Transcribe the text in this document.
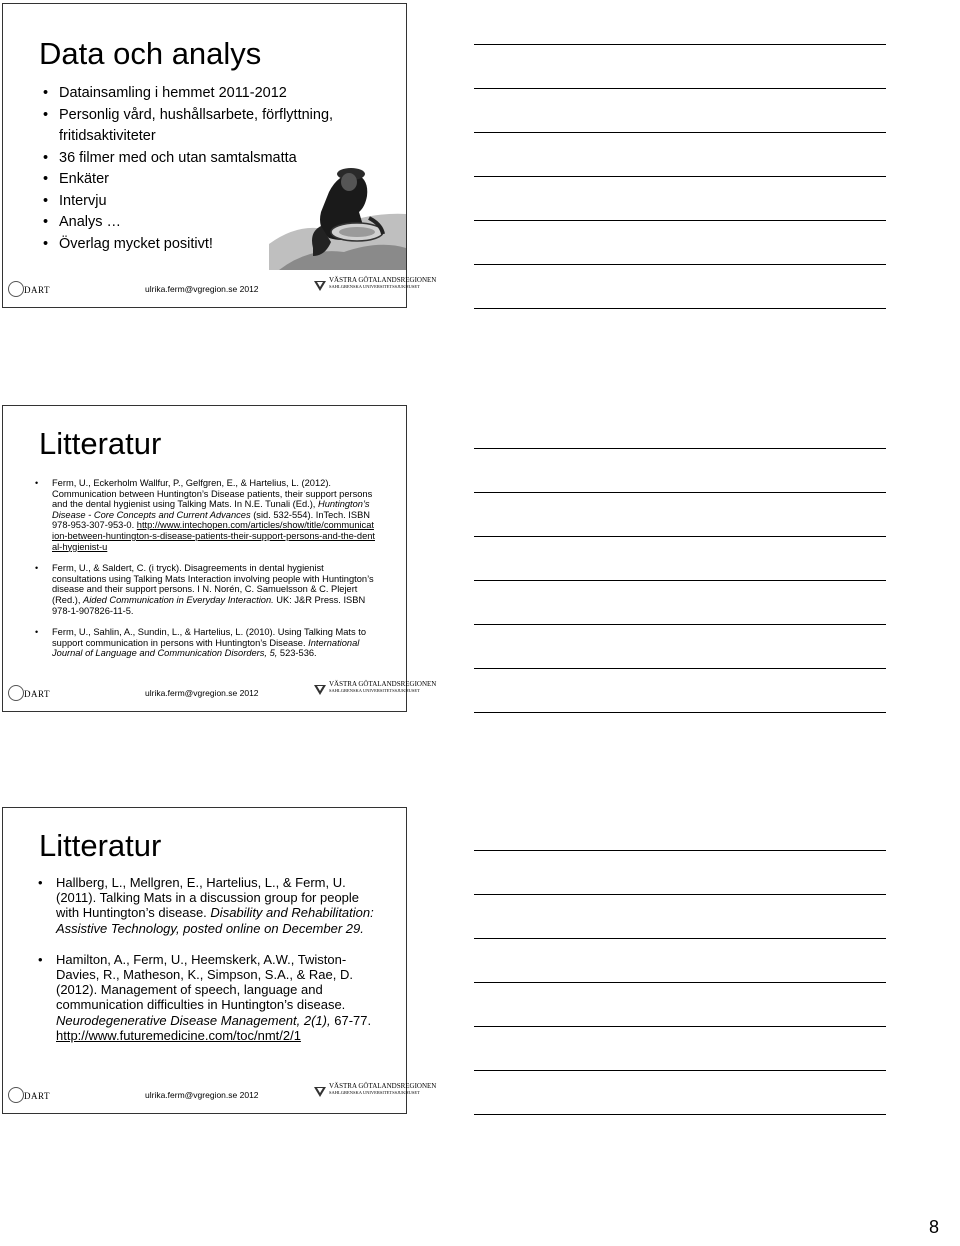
Data och analys
• Datainsamling i hemmet 2011-2012
• Personlig vård, hushållsarbete, förflyttning, fritidsaktiviteter
• 36 filmer med och utan samtalsmatta
• Enkäter
• Intervju
• Analys …
• Överlag mycket positivt!
DART	ulrika.ferm@vgregion.se 2012
VÄSTRA GÖTALANDSREGIONEN
SAHLGRENSKA UNIVERSITETSSJUKHUSET
Litteratur
• Ferm, U., Eckerholm Wallfur, P., Gelfgren, E., & Hartelius, L. (2012). Communication between Huntington’s Disease patients, their support persons and the dental hygienist using Talking Mats. In N.E. Tunali (Ed.), Huntington’s Disease - Core Concepts and Current Advances (sid. 532-554). InTech. ISBN 978-953-307-953-0. http://www.intechopen.com/articles/show/title/communication-between-huntington-s-disease-patients-their-support-persons-and-the-dental-hygienist-u
• Ferm, U., & Saldert, C. (i tryck). Disagreements in dental hygienist consultations using Talking Mats Interaction involving people with Huntington’s disease and their support persons. I N. Norén, C. Samuelsson & C. Plejert (Red.), Aided Communication in Everyday Interaction. UK: J&R Press. ISBN 978-1-907826-11-5.
• Ferm, U., Sahlin, A., Sundin, L., & Hartelius, L. (2010). Using Talking Mats to support communication in persons with Huntington’s Disease. International Journal of Language and Communication Disorders, 5, 523-536.
DART	ulrika.ferm@vgregion.se 2012
VÄSTRA GÖTALANDSREGIONEN
SAHLGRENSKA UNIVERSITETSSJUKHUSET
Litteratur
• Hallberg, L., Mellgren, E., Hartelius, L., & Ferm, U. (2011). Talking Mats in a discussion group for people with Huntington’s disease. Disability and Rehabilitation: Assistive Technology, posted online on December 29.
• Hamilton, A., Ferm, U., Heemskerk, A.W., Twiston-Davies, R., Matheson, K., Simpson, S.A., & Rae, D. (2012). Management of speech, language and communication difficulties in Huntington’s disease. Neurodegenerative Disease Management, 2(1), 67-77. http://www.futuremedicine.com/toc/nmt/2/1
DART	ulrika.ferm@vgregion.se 2012
VÄSTRA GÖTALANDSREGIONEN
SAHLGRENSKA UNIVERSITETSSJUKHUSET
8
